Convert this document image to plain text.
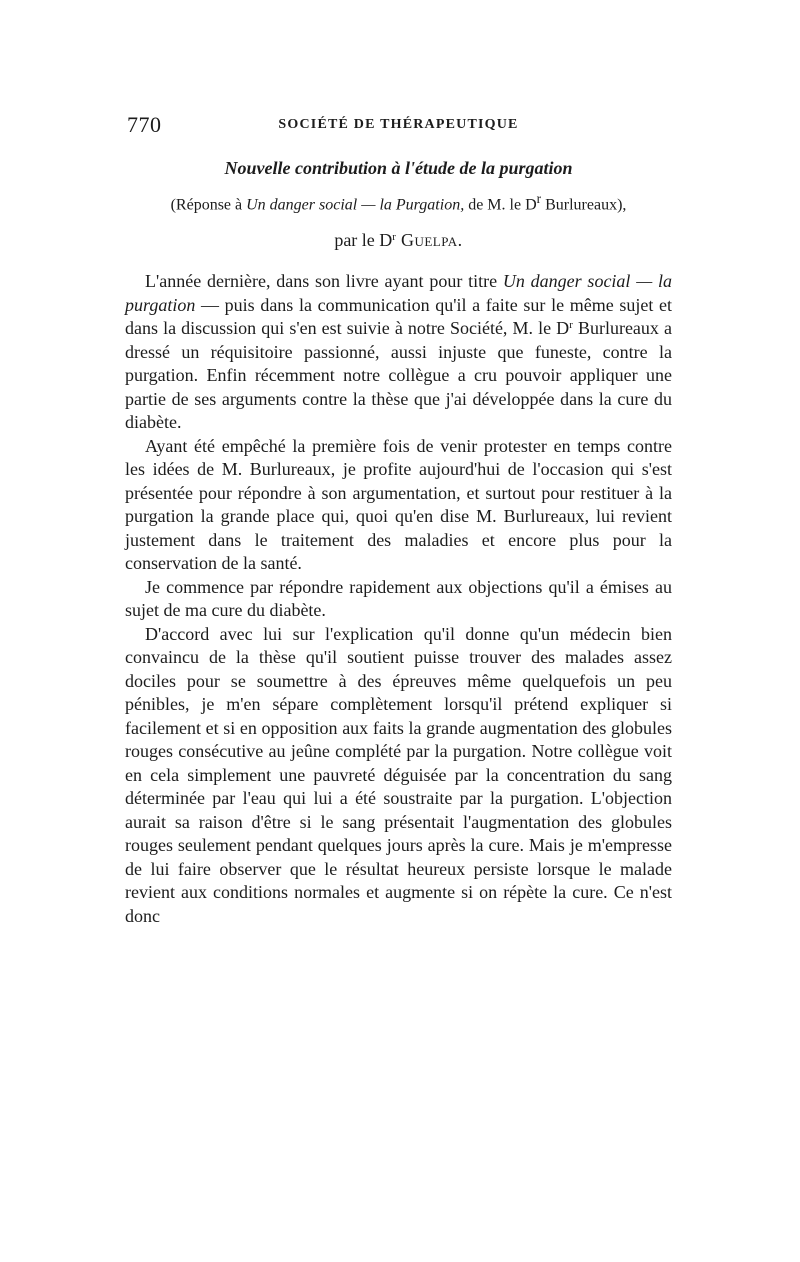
770	SOCIÉTÉ DE THÉRAPEUTIQUE
Nouvelle contribution à l'étude de la purgation
(Réponse à Un danger social — la Purgation, de M. le $D^r$ Burlureaux),
par le $D^r$ Guelpa.

L'année dernière, dans son livre ayant pour titre Un danger social — la purgation — puis dans la communication qu'il a faite sur le même sujet et dans la discussion qui s'en est suivie à notre Société, M. le $D^r$ Burlureaux a dressé un réquisitoire passionné, aussi injuste que funeste, contre la purgation. Enfin récemment notre collègue a cru pouvoir appliquer une partie de ses arguments contre la thèse que j'ai développée dans la cure du diabète.

Ayant été empêché la première fois de venir protester en temps contre les idées de M. Burlureaux, je profite aujourd'hui de l'occasion qui s'est présentée pour répondre à son argumentation, et surtout pour restituer à la purgation la grande place qui, quoi qu'en dise M. Burlureaux, lui revient justement dans le traitement des maladies et encore plus pour la conservation de la santé.

Je commence par répondre rapidement aux objections qu'il a émises au sujet de ma cure du diabète.

D'accord avec lui sur l'explication qu'il donne qu'un médecin bien convaincu de la thèse qu'il soutient puisse trouver des malades assez dociles pour se soumettre à des épreuves même quelquefois un peu pénibles, je m'en sépare complètement lorsqu'il prétend expliquer si facilement et si en opposition aux faits la grande augmentation des globules rouges consécutive au jeûne complété par la purgation. Notre collègue voit en cela simplement une pauvreté déguisée par la concentration du sang déterminée par l'eau qui lui a été soustraite par la purgation. L'objection aurait sa raison d'être si le sang présentait l'augmentation des globules rouges seulement pendant quelques jours après la cure. Mais je m'empresse de lui faire observer que le résultat heureux persiste lorsque le malade revient aux conditions normales et augmente si on répète la cure. Ce n'est donc
